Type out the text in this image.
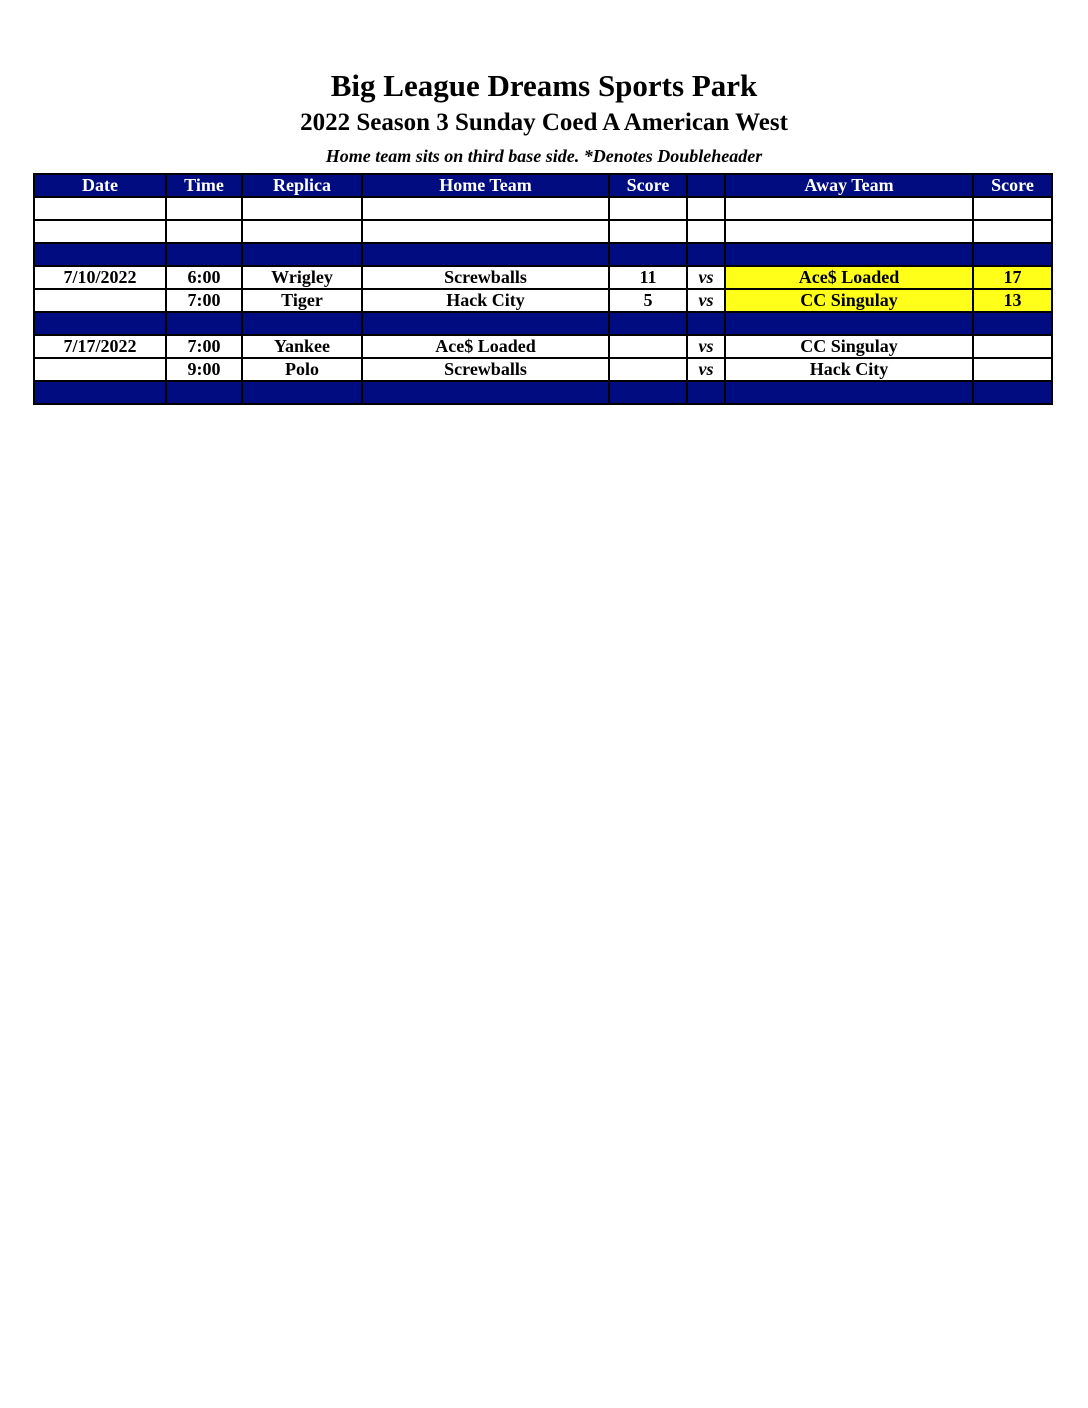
Big League Dreams Sports Park
2022 Season 3 Sunday Coed A American West
Home team sits on third base side. *Denotes Doubleheader
Date	Time	Replica	Home Team	Score		Away Team	Score

7/10/2022	6:00	Wrigley	Screwballs	11	vs	Ace$ Loaded	17
	7:00	Tiger	Hack City	5	vs	CC Singulay	13

7/17/2022	7:00	Yankee	Ace$ Loaded		vs	CC Singulay	
	9:00	Polo	Screwballs		vs	Hack City	
